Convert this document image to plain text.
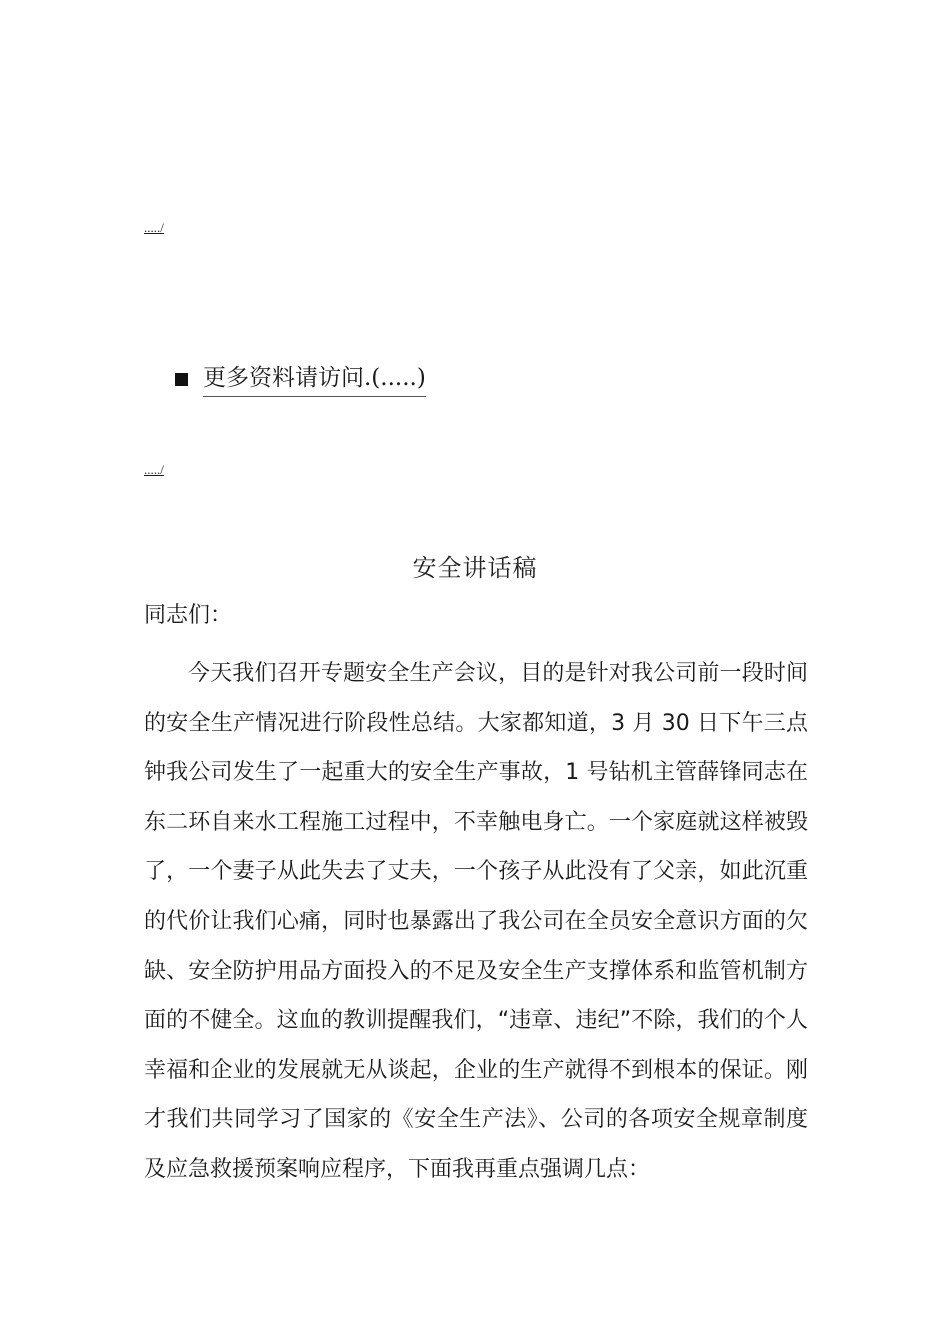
...../
更多资料请访问.(.....)
...../
安全讲话稿
同志们：

今天我们召开专题安全生产会议，目的是针对我公司前一段时间的安全生产情况进行阶段性总结。大家都知道，3 月 30 日下午三点钟我公司发生了一起重大的安全生产事故，1 号钻机主管薛锋同志在东二环自来水工程施工过程中，不幸触电身亡。一个家庭就这样被毁了，一个妻子从此失去了丈夫，一个孩子从此没有了父亲，如此沉重的代价让我们心痛，同时也暴露出了我公司在全员安全意识方面的欠缺、安全防护用品方面投入的不足及安全生产支撑体系和监管机制方面的不健全。这血的教训提醒我们，“违章、违纪”不除，我们的个人幸福和企业的发展就无从谈起，企业的生产就得不到根本的保证。刚才我们共同学习了国家的《安全生产法》、公司的各项安全规章制度及应急救援预案响应程序，下面我再重点强调几点：
